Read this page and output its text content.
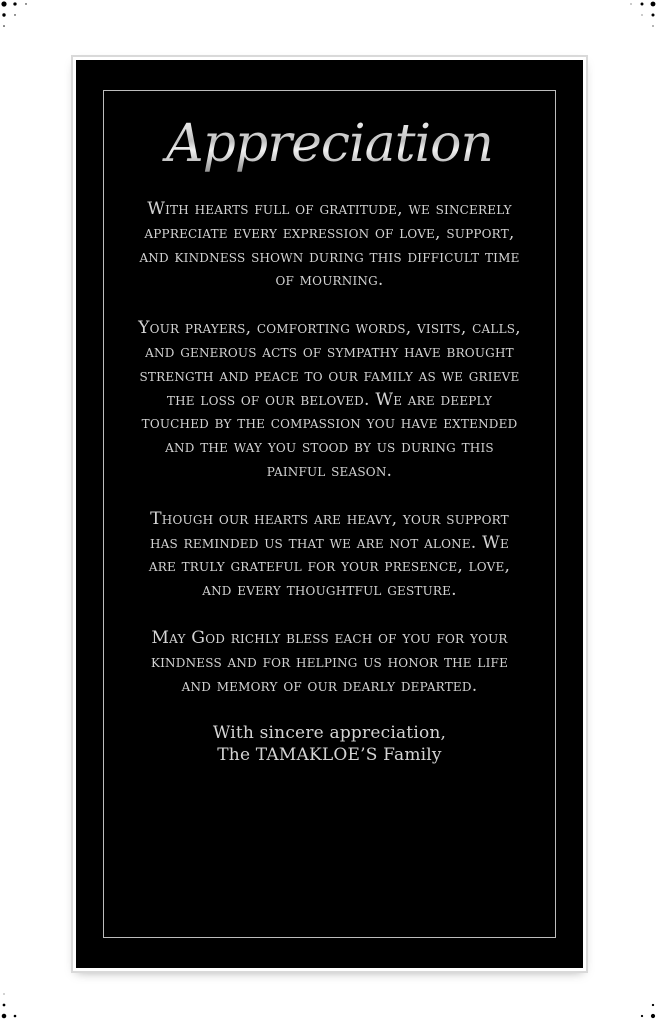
Appreciation

With hearts full of gratitude, we sincerely appreciate every expression of love, support, and kindness shown during this difficult time of mourning.

Your prayers, comforting words, visits, calls, and generous acts of sympathy have brought strength and peace to our family as we grieve the loss of our beloved. We are deeply touched by the compassion you have extended and the way you stood by us during this painful season.

Though our hearts are heavy, your support has reminded us that we are not alone. We are truly grateful for your presence, love, and every thoughtful gesture.

May God richly bless each of you for your kindness and for helping us honor the life and memory of our dearly departed.

With sincere appreciation,
The TAMAKLOE’S Family
